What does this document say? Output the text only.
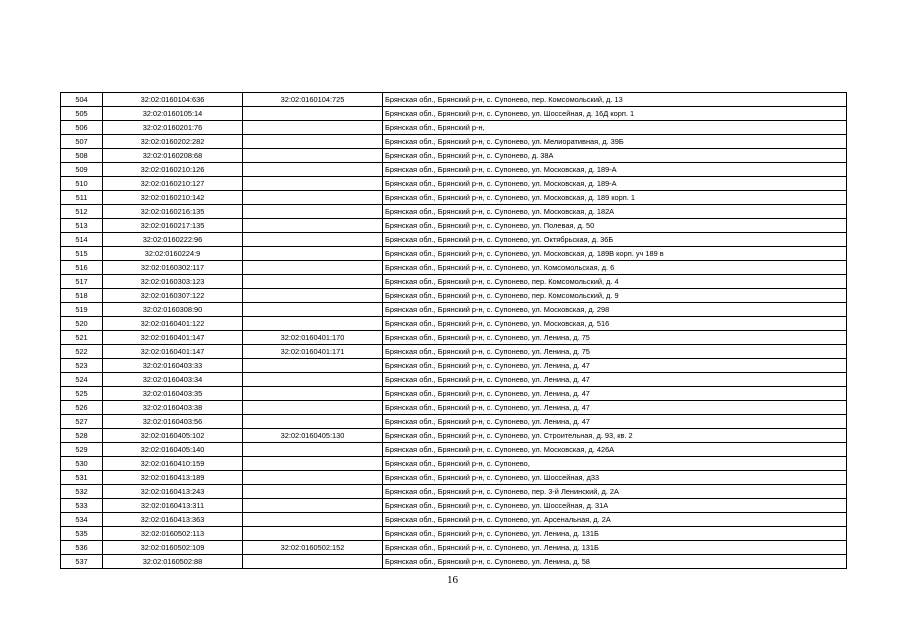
504	32:02:0160104:636	32:02:0160104:725	Брянская обл., Брянский р-н, с. Супонево, пер. Комсомольский, д. 13
505	32:02:0160105:14		Брянская обл., Брянский р-н, с. Супонево, ул. Шоссейная, д. 16Д корп. 1
506	32:02:0160201:76		Брянская обл., Брянский р-н,
507	32:02:0160202:282		Брянская обл., Брянский р-н, с. Супонево, ул. Мелиоративная, д. 39Б
508	32:02:0160208:68		Брянская обл., Брянский р-н, с. Супонево, д. 38А
509	32:02:0160210:126		Брянская обл., Брянский р-н, с. Супонево, ул. Московская, д. 189-А
510	32:02:0160210:127		Брянская обл., Брянский р-н, с. Супонево, ул. Московская, д. 189-А
511	32:02:0160210:142		Брянская обл., Брянский р-н, с. Супонево, ул. Московская, д. 189 корп. 1
512	32:02:0160216:135		Брянская обл., Брянский р-н, с. Супонево, ул. Московская, д. 182А
513	32:02:0160217:135		Брянская обл., Брянский р-н, с. Супонево, ул. Полевая, д. 50
514	32:02:0160222:96		Брянская обл., Брянский р-н, с. Супонево, ул. Октябрьская, д. 36Б
515	32:02:0160224:9		Брянская обл., Брянский р-н, с. Супонево, ул. Московская, д. 189В корп. уч 189 в
516	32:02:0160302:117		Брянская обл., Брянский р-н, с. Супонево, ул. Комсомольская, д. 6
517	32:02:0160303:123		Брянская обл., Брянский р-н, с. Супонево, пер. Комсомольский, д. 4
518	32:02:0160307:122		Брянская обл., Брянский р-н, с. Супонево, пер. Комсомольский, д. 9
519	32:02:0160308:90		Брянская обл., Брянский р-н, с. Супонево, ул. Московская, д. 298
520	32:02:0160401:122		Брянская обл., Брянский р-н, с. Супонево, ул. Московская, д. 516
521	32:02:0160401:147	32:02:0160401:170	Брянская обл., Брянский р-н, с. Супонево, ул. Ленина, д. 75
522	32:02:0160401:147	32:02:0160401:171	Брянская обл., Брянский р-н, с. Супонево, ул. Ленина, д. 75
523	32:02:0160403:33		Брянская обл., Брянский р-н, с. Супонево, ул. Ленина, д. 47
524	32:02:0160403:34		Брянская обл., Брянский р-н, с. Супонево, ул. Ленина, д. 47
525	32:02:0160403:35		Брянская обл., Брянский р-н, с. Супонево, ул. Ленина, д. 47
526	32:02:0160403:38		Брянская обл., Брянский р-н, с. Супонево, ул. Ленина, д. 47
527	32:02:0160403:56		Брянская обл., Брянский р-н, с. Супонево, ул. Ленина, д. 47
528	32:02:0160405:102	32:02:0160405:130	Брянская обл., Брянский р-н, с. Супонево, ул. Строительная, д. 93, кв. 2
529	32:02:0160405:140		Брянская обл., Брянский р-н, с. Супонево, ул. Московская, д. 426А
530	32:02:0160410:159		Брянская обл., Брянский р-н, с. Супонево,
531	32:02:0160413:189		Брянская обл., Брянский р-н, с. Супонево, ул. Шоссейная, д33
532	32:02:0160413:243		Брянская обл., Брянский р-н, с. Супонево, пер. 3-й Ленинский, д. 2А
533	32:02:0160413:311		Брянская обл., Брянский р-н, с. Супонево, ул. Шоссейная, д. 31А
534	32:02:0160413:363		Брянская обл., Брянский р-н, с. Супонево, ул. Арсенальная, д. 2А
535	32:02:0160502:113		Брянская обл., Брянский р-н, с. Супонево, ул. Ленина, д. 131Б
536	32:02:0160502:109	32:02:0160502:152	Брянская обл., Брянский р-н, с. Супонево, ул. Ленина, д. 131Б
537	32:02:0160502:88		Брянская обл., Брянский р-н, с. Супонево, ул. Ленина, д. 58
16
